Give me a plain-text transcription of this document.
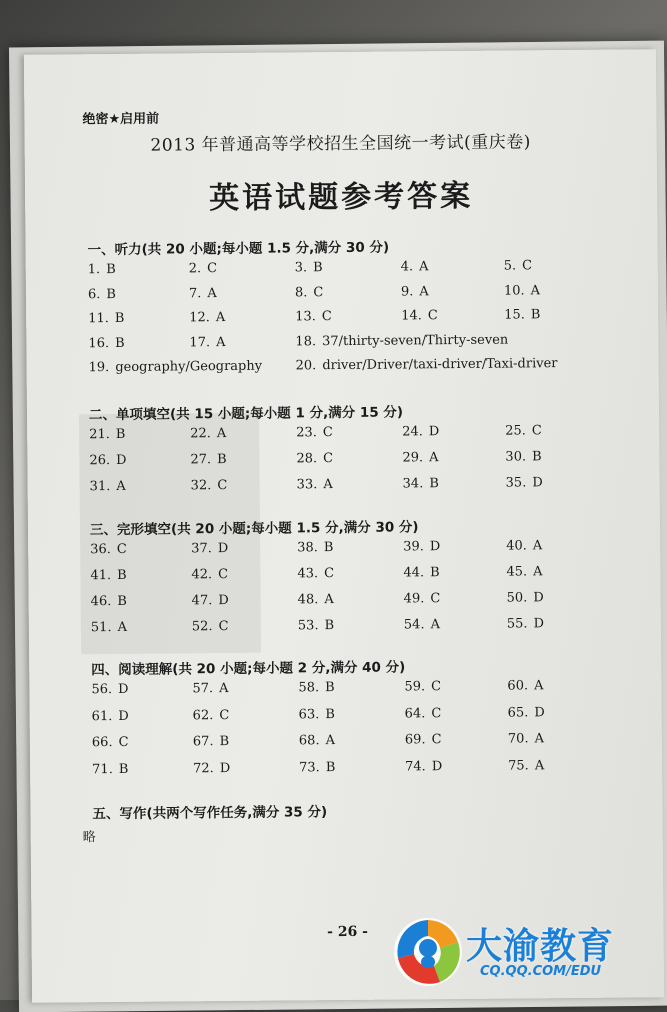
绝密★启用前
2013 年普通高等学校招生全国统一考试(重庆卷)
英语试题参考答案
一、听力(共 20 小题;每小题 1.5 分,满分 30 分)
1. B	2. C	3. B	4. A	5. C
6. B	7. A	8. C	9. A	10. A
11. B	12. A	13. C	14. C	15. B
16. B	17. A	18. 37/thirty-seven/Thirty-seven
19. geography/Geography	20. driver/Driver/taxi-driver/Taxi-driver
二、单项填空(共 15 小题;每小题 1 分,满分 15 分)
21. B	22. A	23. C	24. D	25. C
26. D	27. B	28. C	29. A	30. B
31. A	32. C	33. A	34. B	35. D
三、完形填空(共 20 小题;每小题 1.5 分,满分 30 分)
36. C	37. D	38. B	39. D	40. A
41. B	42. C	43. C	44. B	45. A
46. B	47. D	48. A	49. C	50. D
51. A	52. C	53. B	54. A	55. D
四、阅读理解(共 20 小题;每小题 2 分,满分 40 分)
56. D	57. A	58. B	59. C	60. A
61. D	62. C	63. B	64. C	65. D
66. C	67. B	68. A	69. C	70. A
71. B	72. D	73. B	74. D	75. A
五、写作(共两个写作任务,满分 35 分)
略
- 26 -	大渝教育
CQ.QQ.COM/EDU
